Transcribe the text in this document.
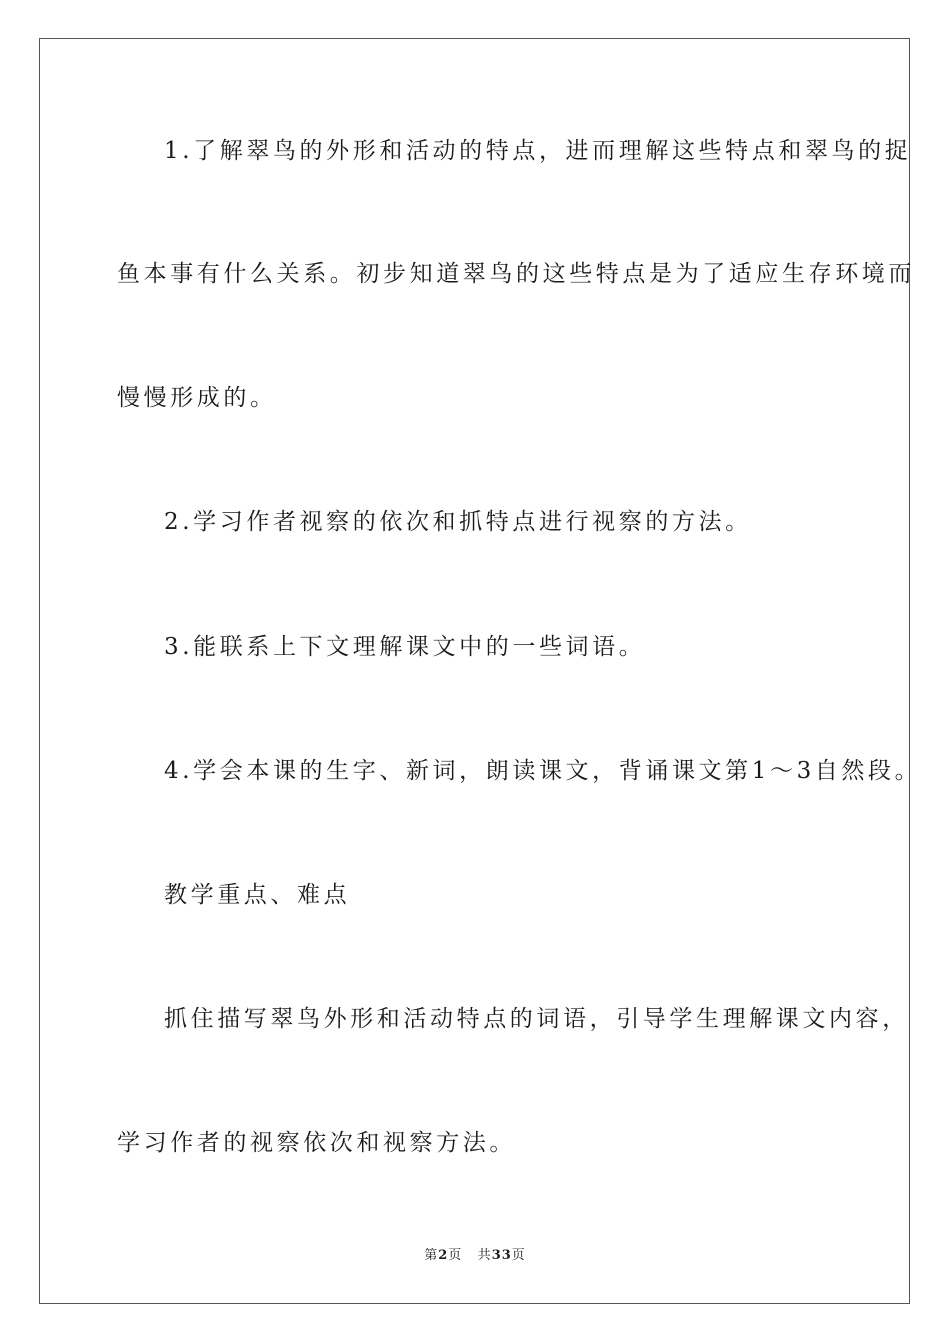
1.了解翠鸟的外形和活动的特点，进而理解这些特点和翠鸟的捉
鱼本事有什么关系。初步知道翠鸟的这些特点是为了适应生存环境而
慢慢形成的。
2.学习作者视察的依次和抓特点进行视察的方法。
3.能联系上下文理解课文中的一些词语。
4.学会本课的生字、新词，朗读课文，背诵课文第1～3自然段。
教学重点、难点
抓住描写翠鸟外形和活动特点的词语，引导学生理解课文内容，
学习作者的视察依次和视察方法。
第2页 共33页
